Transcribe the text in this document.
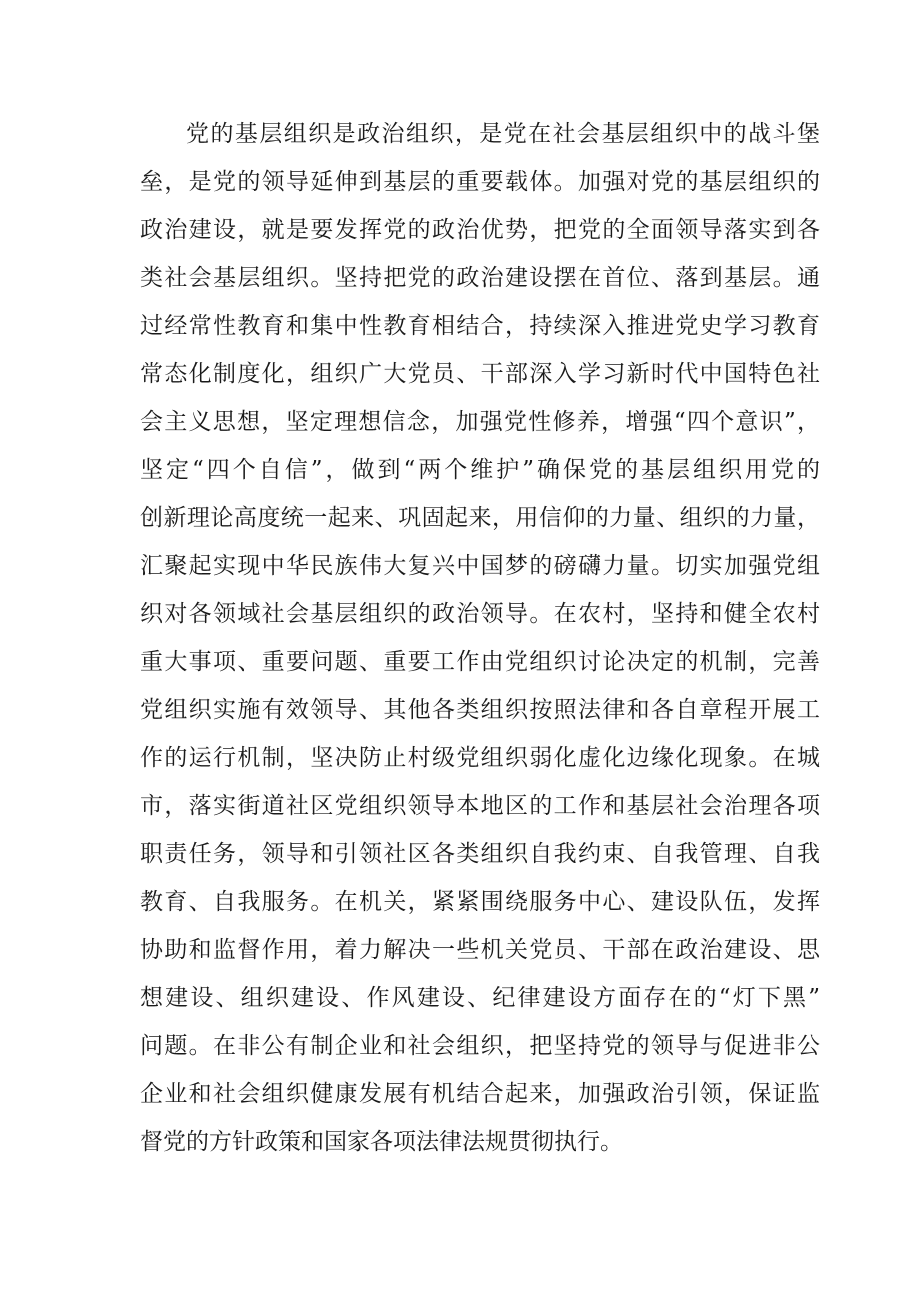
党的基层组织是政治组织，是党在社会基层组织中的战斗堡
垒，是党的领导延伸到基层的重要载体。加强对党的基层组织的
政治建设，就是要发挥党的政治优势，把党的全面领导落实到各
类社会基层组织。坚持把党的政治建设摆在首位、落到基层。通
过经常性教育和集中性教育相结合，持续深入推进党史学习教育
常态化制度化，组织广大党员、干部深入学习新时代中国特色社
会主义思想，坚定理想信念，加强党性修养，增强“四个意识”，
坚定“四个自信”，做到“两个维护”确保党的基层组织用党的
创新理论高度统一起来、巩固起来，用信仰的力量、组织的力量，
汇聚起实现中华民族伟大复兴中国梦的磅礴力量。切实加强党组
织对各领域社会基层组织的政治领导。在农村，坚持和健全农村
重大事项、重要问题、重要工作由党组织讨论决定的机制，完善
党组织实施有效领导、其他各类组织按照法律和各自章程开展工
作的运行机制，坚决防止村级党组织弱化虚化边缘化现象。在城
市，落实街道社区党组织领导本地区的工作和基层社会治理各项
职责任务，领导和引领社区各类组织自我约束、自我管理、自我
教育、自我服务。在机关，紧紧围绕服务中心、建设队伍，发挥
协助和监督作用，着力解决一些机关党员、干部在政治建设、思
想建设、组织建设、作风建设、纪律建设方面存在的“灯下黑”
问题。在非公有制企业和社会组织，把坚持党的领导与促进非公
企业和社会组织健康发展有机结合起来，加强政治引领，保证监
督党的方针政策和国家各项法律法规贯彻执行。
